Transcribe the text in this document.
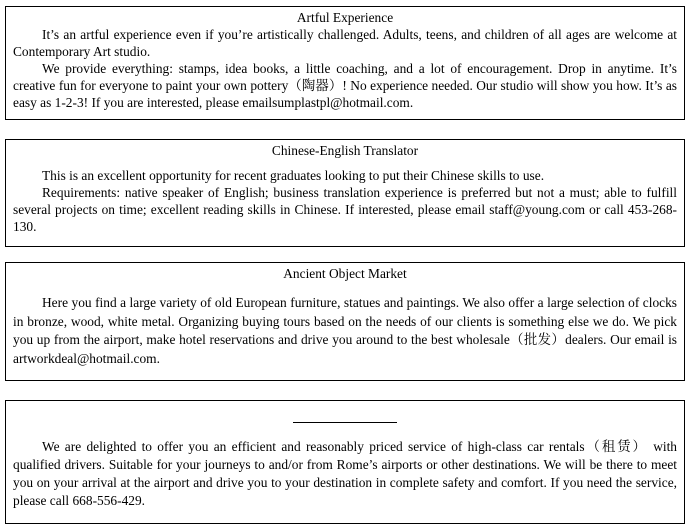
Artful Experience

It’s an artful experience even if you’re artistically challenged. Adults, teens, and children of all ages are welcome at Contemporary Art studio.

We provide everything: stamps, idea books, a little coaching, and a lot of encouragement. Drop in anytime. It’s creative fun for everyone to paint your own pottery（陶器）! No experience needed. Our studio will show you how. It’s as easy as 1-2-3! If you are interested, please emailsumplastpl@hotmail.com.

Chinese-English Translator

This is an excellent opportunity for recent graduates looking to put their Chinese skills to use.

Requirements: native speaker of English; business translation experience is preferred but not a must; able to fulfill several projects on time; excellent reading skills in Chinese. If interested, please email staff@young.com or call 453-268-130.

Ancient Object Market

Here you find a large variety of old European furniture, statues and paintings. We also offer a large selection of clocks in bronze, wood, white metal. Organizing buying tours based on the needs of our clients is something else we do. We pick you up from the airport, make hotel reservations and drive you around to the best wholesale（批发）dealers. Our email is artworkdeal@hotmail.com.

We are delighted to offer you an efficient and reasonably priced service of high-class car rentals（租赁） with qualified drivers. Suitable for your journeys to and/or from Rome’s airports or other destinations. We will be there to meet you on your arrival at the airport and drive you to your destination in complete safety and comfort. If you need the service, please call 668-556-429.
